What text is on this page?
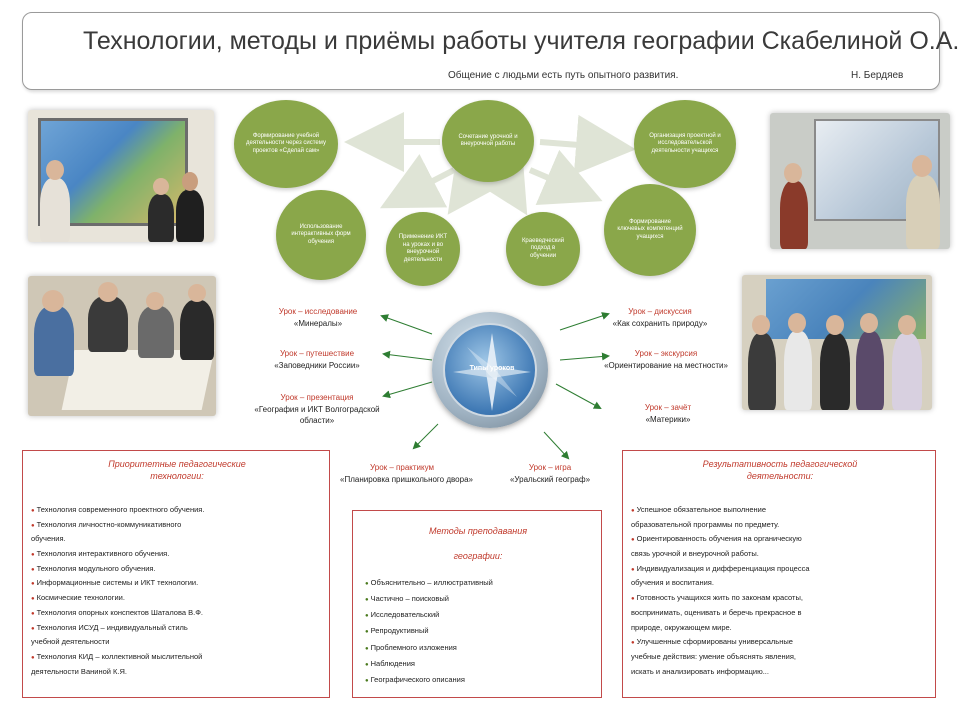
Технологии, методы и приёмы работы учителя географии Скабелиной О.А.
Общение с людьми есть путь опытного развития.	Н. Бердяев
Сочетание урочной и внеурочной работы
Формирование учебной деятельности через систему проектов «Сделай сам»
Организация проектной и исследовательской деятельности учащихся
Использование интерактивных форм обучения
Применение ИКТ на уроках и во внеурочной деятельности
Краеведческий подход в обучении
Формирование ключевых компетенций учащихся
Типы уроков
Урок – исследование
«Минералы»
Урок – путешествие
«Заповедники России»
Урок – презентация
«География и ИКТ Волгоградской области»
Урок – практикум
«Планировка пришкольного двора»
Урок – игра
«Уральский географ»
Урок – дискуссия
«Как сохранить природу»
Урок – экскурсия
«Ориентирование на местности»
Урок – зачёт
«Материки»
Приоритетные педагогические
технологии:
● Технология современного проектного обучения.
● Технология личностно-коммуникативного
обучения.
● Технология интерактивного обучения.
● Технология модульного обучения.
● Информационные системы и ИКТ технологии.
● Космические технологии.
● Технология опорных конспектов Шаталова В.Ф.
● Технология ИСУД – индивидуальный стиль
учебной деятельности
● Технология КИД – коллективной мыслительной
деятельности Ваниной К.Я.
Методы преподавания
географии:
● Объяснительно – иллюстративный
● Частично – поисковый
● Исследовательский
● Репродуктивный
● Проблемного изложения
● Наблюдения
● Географического описания
Результативность педагогической
деятельности:
● Успешное обязательное выполнение
образовательной программы по предмету.
● Ориентированность обучения на органическую
связь урочной и внеурочной работы.
● Индивидуализация и дифференциация процесса
обучения и воспитания.
● Готовность учащихся жить по законам красоты,
воспринимать, оценивать и беречь прекрасное в
природе, окружающем мире.
● Улучшенные сформированы универсальные
учебные действия: умение объяснять явления,
искать и анализировать информацию...
